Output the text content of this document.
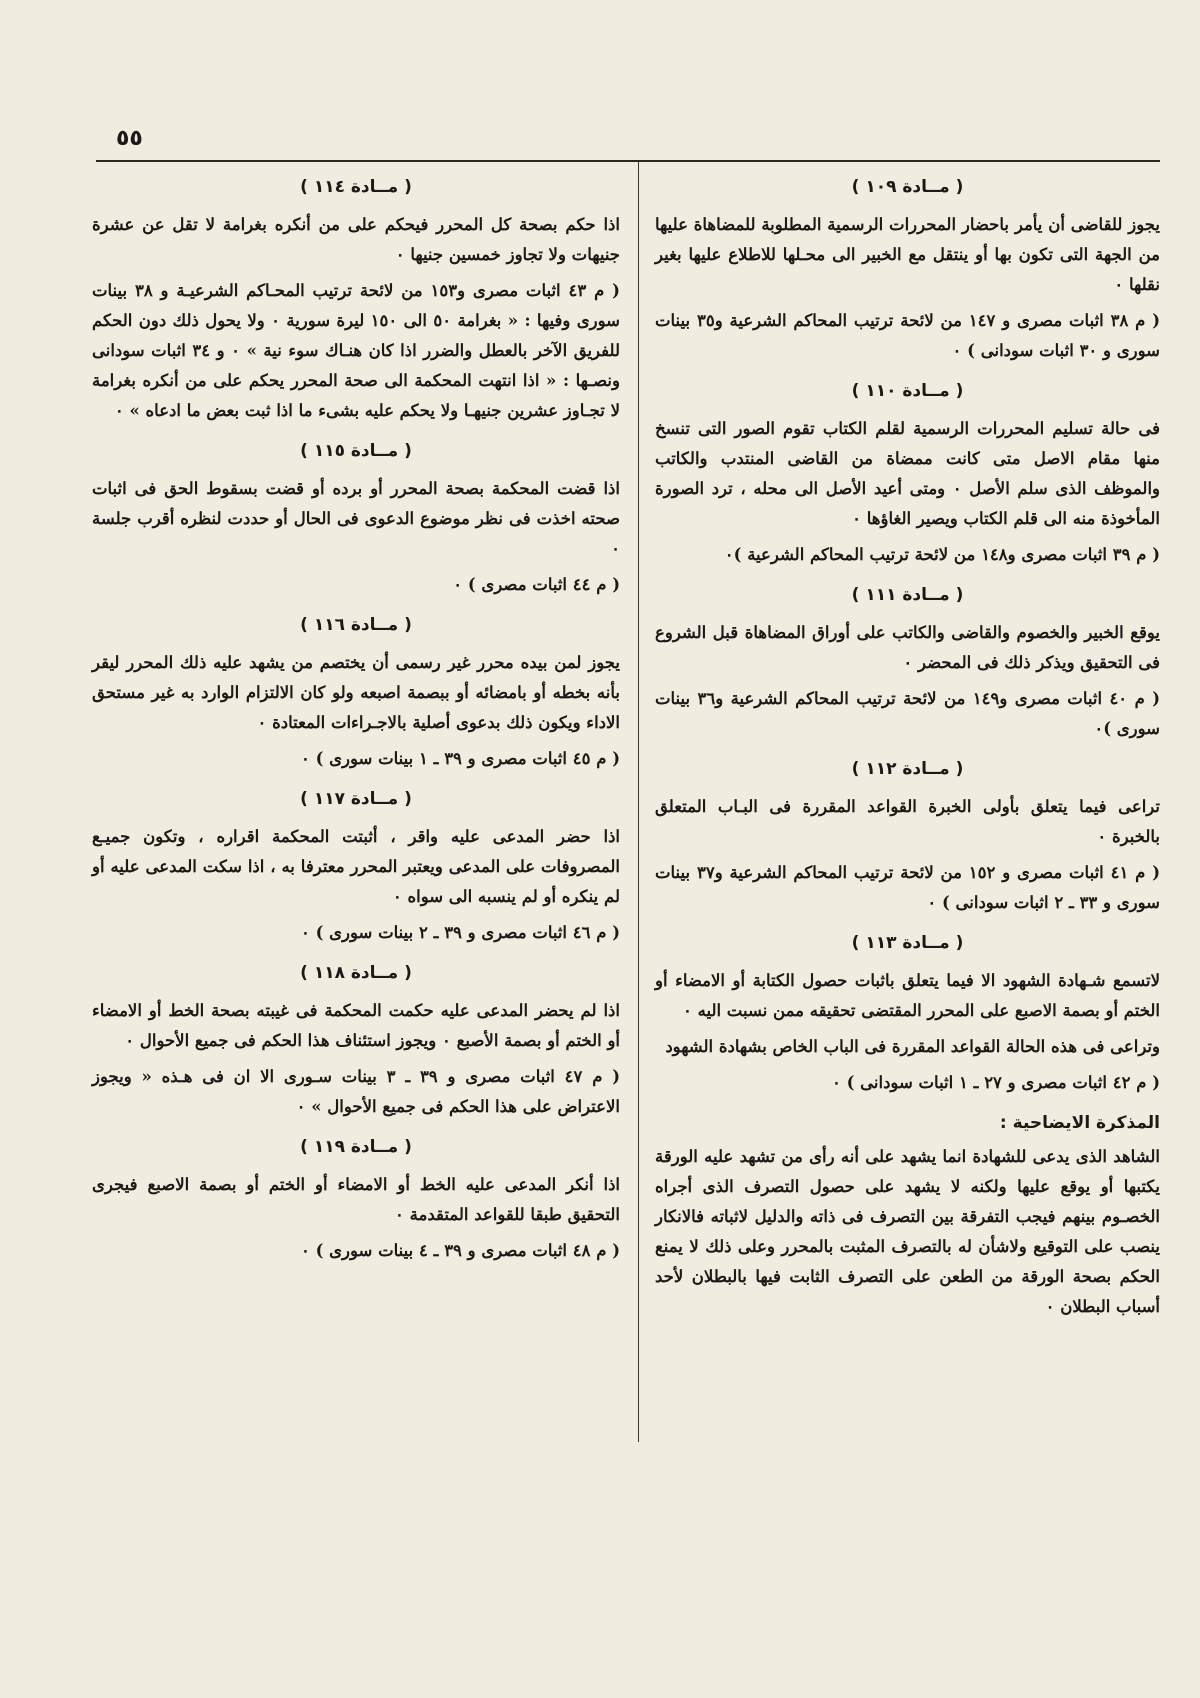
٥٥
( مــادة ١٠٩ )

يجوز للقاضى أن يأمر باحضار المحررات الرسمية المطلوبة للمضاهاة عليها من الجهة التى تكون بها أو ينتقل مع الخبير الى محـلها للاطلاع عليها بغير نقلها ٠

( م ٣٨ اثبات مصرى و ١٤٧ من لائحة ترتيب المحاكم الشرعية و٣٥ بينات سورى و ٣٠ اثبات سودانى ) ٠

( مــادة ١١٠ )

فى حالة تسليم المحررات الرسمية لقلم الكتاب تقوم الصور التى تنسخ منها مقام الاصل متى كانت ممضاة من القاضى المنتدب والكاتب والموظف الذى سلم الأصل ٠ ومتى أعيد الأصل الى محله ، ترد الصورة المأخوذة منه الى قلم الكتاب ويصير الغاؤها ٠

( م ٣٩ اثبات مصرى و١٤٨ من لائحة ترتيب المحاكم الشرعية )٠

( مــادة ١١١ )

يوقع الخبير والخصوم والقاضى والكاتب على أوراق المضاهاة قبل الشروع فى التحقيق ويذكر ذلك فى المحضر ٠

( م ٤٠ اثبات مصرى و١٤٩ من لائحة ترتيب المحاكم الشرعية و٣٦ بينات سورى )٠

( مــادة ١١٢ )

تراعى فيما يتعلق بأولى الخبرة القواعد المقررة فى البـاب المتعلق بالخبرة ٠

( م ٤١ اثبات مصرى و ١٥٢ من لائحة ترتيب المحاكم الشرعية و٣٧ بينات سورى و ٣٣ ـ ٢ اثبات سودانى ) ٠

( مــادة ١١٣ )

لاتسمع شـهادة الشهود الا فيما يتعلق باثبات حصول الكتابة أو الامضاء أو الختم أو بصمة الاصبع على المحرر المقتضى تحقيقه ممن نسبت اليه ٠

وتراعى فى هذه الحالة القواعد المقررة فى الباب الخاص بشهادة الشهود

( م ٤٢ اثبات مصرى و ٢٧ ـ ١ اثبات سودانى ) ٠

المذكرة الايضاحية :

الشاهد الذى يدعى للشهادة انما يشهد على أنه رأى من تشهد عليه الورقة يكتبها أو يوقع عليها ولكنه لا يشهد على حصول التصرف الذى أجراه الخصـوم بينهم فيجب التفرقة بين التصرف فى ذاته والدليل لاثباته فالانكار ينصب على التوقيع ولاشأن له بالتصرف المثبت بالمحرر وعلى ذلك لا يمنع الحكم بصحة الورقة من الطعن على التصرف الثابت فيها بالبطلان لأحد أسباب البطلان ٠

( مــادة ١١٤ )

اذا حكم بصحة كل المحرر فيحكم على من أنكره بغرامة لا تقل عن عشرة جنيهات ولا تجاوز خمسين جنيها ٠

( م ٤٣ اثبات مصرى و١٥٣ من لائحة ترتيب المحـاكم الشرعيـة و ٣٨ بينات سورى وفيها : « بغرامة ٥٠ الى ١٥٠ ليرة سورية ٠ ولا يحول ذلك دون الحكم للفريق الآخر بالعطل والضرر اذا كان هنـاك سوء نية » ٠ و ٣٤ اثبات سودانى ونصـها : « اذا انتهت المحكمة الى صحة المحرر يحكم على من أنكره بغرامة لا تجـاوز عشرين جنيهـا ولا يحكم عليه بشىء ما اذا ثبت بعض ما ادعاه » ٠

( مــادة ١١٥ )

اذا قضت المحكمة بصحة المحرر أو برده أو قضت بسقوط الحق فى اثبات صحته اخذت فى نظر موضوع الدعوى فى الحال أو حددت لنظره أقرب جلسة ٠

( م ٤٤ اثبات مصرى ) ٠

( مــادة ١١٦ )

يجوز لمن بيده محرر غير رسمى أن يختصم من يشهد عليه ذلك المحرر ليقر بأنه بخطه أو بامضائه أو ببصمة اصبعه ولو كان الالتزام الوارد به غير مستحق الاداء ويكون ذلك بدعوى أصلية بالاجـراءات المعتادة ٠

( م ٤٥ اثبات مصرى و ٣٩ ـ ١ بينات سورى ) ٠

( مــادة ١١٧ )

اذا حضر المدعى عليه واقر ، أثبتت المحكمة اقراره ، وتكون جميـع المصروفات على المدعى ويعتبر المحرر معترفا به ، اذا سكت المدعى عليه أو لم ينكره أو لم ينسبه الى سواه ٠

( م ٤٦ اثبات مصرى و ٣٩ ـ ٢ بينات سورى ) ٠

( مــادة ١١٨ )

اذا لم يحضر المدعى عليه حكمت المحكمة فى غيبته بصحة الخط أو الامضاء أو الختم أو بصمة الأصبع ٠ ويجوز استئناف هذا الحكم فى جميع الأحوال ٠

( م ٤٧ اثبات مصرى و ٣٩ ـ ٣ بينات سـورى الا ان فى هـذه « ويجوز الاعتراض على هذا الحكم فى جميع الأحوال » ٠

( مــادة ١١٩ )

اذا أنكر المدعى عليه الخط أو الامضاء أو الختم أو بصمة الاصبع فيجرى التحقيق طبقا للقواعد المتقدمة ٠

( م ٤٨ اثبات مصرى و ٣٩ ـ ٤ بينات سورى ) ٠
